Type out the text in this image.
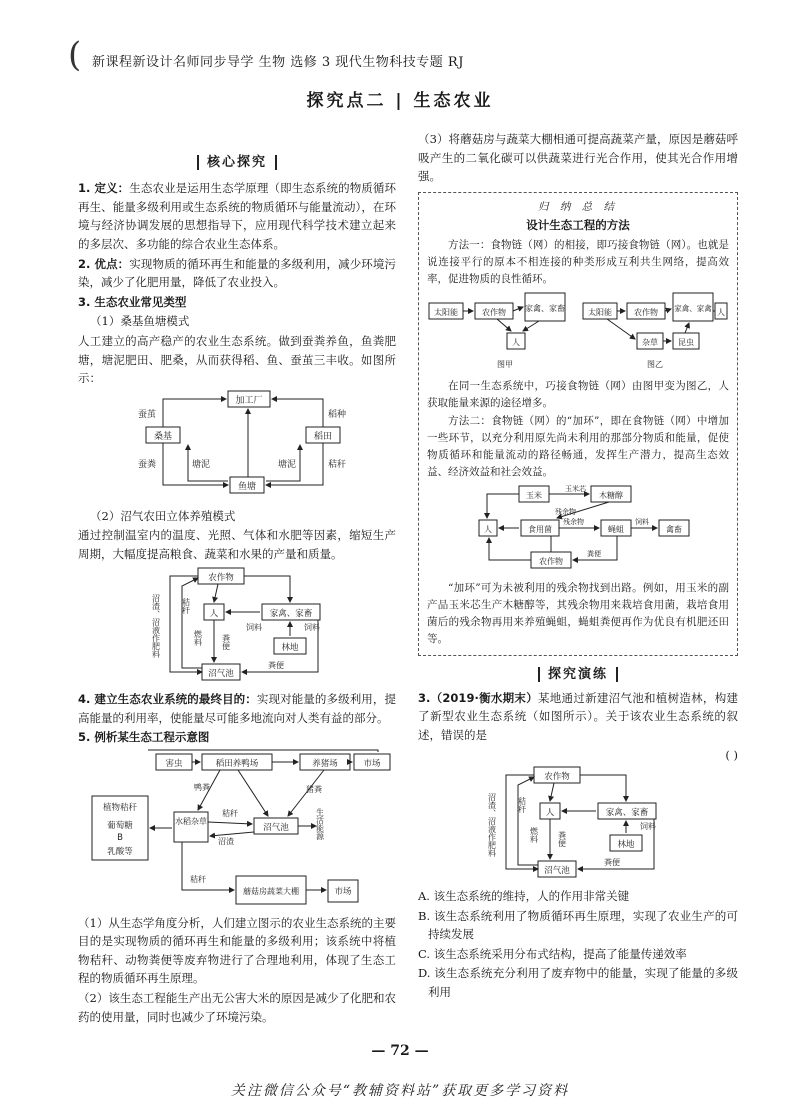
( 新课程新设计名师同步导学 生物 选修 3 现代生物科技专题 RJ
探究点二 | 生态农业
核心探究

1. 定义：生态农业是运用生态学原理（即生态系统的物质循环再生、能量多级利用或生态系统的物质循环与能量流动），在环境与经济协调发展的思想指导下，应用现代科学技术建立起来的多层次、多功能的综合农业生态体系。

2. 优点：实现物质的循环再生和能量的多级利用，减少环境污染，减少了化肥用量，降低了农业投入。

3. 生态农业常见类型

（1）桑基鱼塘模式

人工建立的高产稳产的农业生态系统。做到蚕粪养鱼，鱼粪肥塘，塘泥肥田、肥桑，从而获得稻、鱼、蚕茧三丰收。如图所示：

加工厂
桑基	稻田
鱼塘
蚕茧	稻种
蚕粪	塘泥	塘泥	秸秆

（2）沼气农田立体养殖模式

通过控制温室内的温度、光照、气体和水肥等因素，缩短生产周期，大幅度提高粮食、蔬菜和水果的产量和质量。

农作物
人	家禽、家畜
林地
沼气池
沼渣、沼液作肥料	秸秆
燃料 粪便
饲料	饲料
粪便

4. 建立生态农业系统的最终目的：实现对能量的多级利用，提高能量的利用率，使能量尽可能多地流向对人类有益的部分。

5. 例析某生态工程示意图

害虫	稻田养鸭场	养猪场	市场
植物秸秆
葡萄糖
B
乳酸等
水稻杂草
沼气池	生活能源
蘑菇房蔬菜大棚	市场
鸭粪	猪粪
秸秆
沼渣
秸秆

（1）从生态学角度分析，人们建立图示的农业生态系统的主要目的是实现物质的循环再生和能量的多级利用；该系统中将植物秸秆、动物粪便等废弃物进行了合理地利用，体现了生态工程的物质循环再生原理。

（2）该生态工程能生产出无公害大米的原因是减少了化肥和农药的使用量，同时也减少了环境污染。

（3）将蘑菇房与蔬菜大棚相通可提高蔬菜产量，原因是蘑菇呼吸产生的二氧化碳可以供蔬菜进行光合作用，使其光合作用增强。

归 纳 总 结
设计生态工程的方法

方法一：食物链（网）的相接，即巧接食物链（网）。也就是说连接平行的原本不相连接的种类形成互利共生网络，提高效率，促进物质的良性循环。

太阳能	农作物 家禽、家畜
人
图甲
太阳能	农作物 家禽、家禽 人
杂草	昆虫
图乙

在同一生态系统中，巧接食物链（网）由图甲变为图乙，人获取能量来源的途径增多。

方法二：食物链（网）的“加环”，即在食物链（网）中增加一些环节，以充分利用原先尚未利用的那部分物质和能量，促使物质循环和能量流动的路径畅通，发挥生产潜力，提高生态效益、经济效益和社会效益。

玉米
玉米芯
木糖醇
残余物
食用菌
残余物
蝇蛆
饲料
禽畜
人
农作物
粪便

“加环”可为未被利用的残余物找到出路。例如，用玉米的副产品玉米芯生产木糖醇等，其残余物用来栽培食用菌，栽培食用菌后的残余物再用来养殖蝇蛆，蝇蛆粪便再作为优良有机肥还田等。

探究演练

3.（2019·衡水期末）某地通过新建沼气池和植树造林，构建了新型农业生态系统（如图所示）。关于该农业生态系统的叙述，错误的是

( )

农作物
人	家禽、家畜
林地
沼气池
沼渣、沼液作肥料	秸秆
燃料 粪便
饲料
粪便

A. 该生态系统的维持，人的作用非常关键

B. 该生态系统利用了物质循环再生原理，实现了农业生产的可持续发展

C. 该生态系统采用分布式结构，提高了能量传递效率

D. 该生态系统充分利用了废弃物中的能量，实现了能量的多级利用

— 72 —
关注微信公众号“教辅资料站”获取更多学习资料
